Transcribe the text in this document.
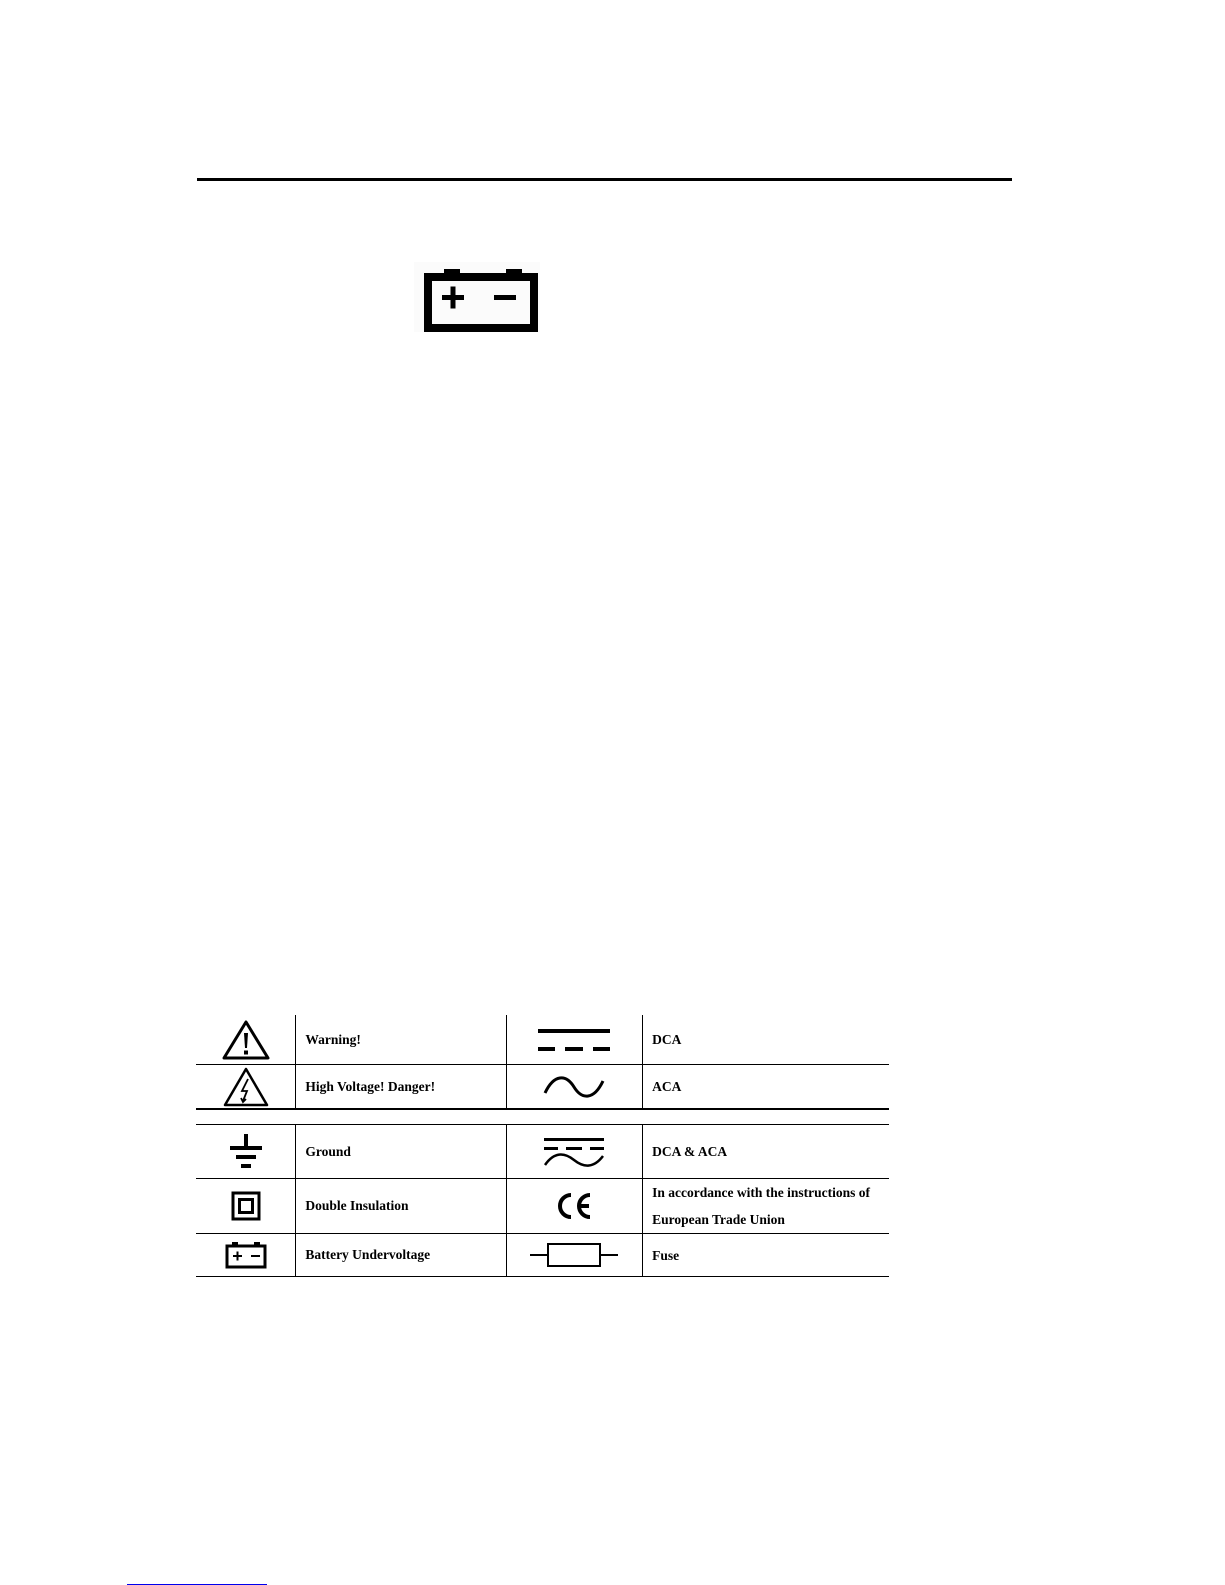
	Warning!		DCA

	High Voltage! Danger!		ACA

	Ground		DCA & ACA

	Double Insulation		In accordance with the instructions of European Trade Union

	Battery Undervoltage		Fuse
